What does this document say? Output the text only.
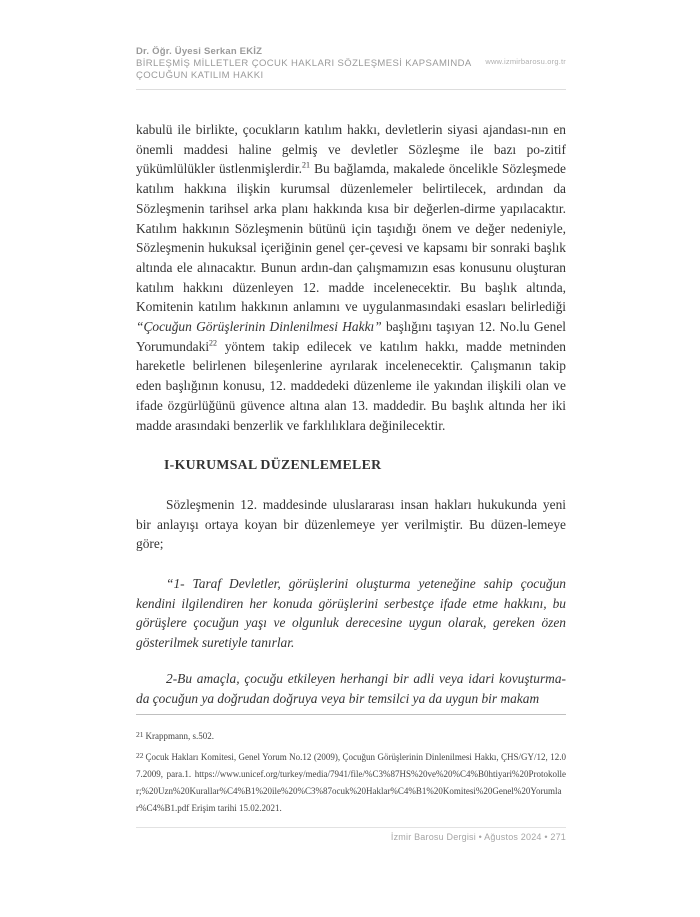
Dr. Öğr. Üyesi Serkan EKİZ
BİRLEŞMİŞ MİLLETLER ÇOCUK HAKLARI SÖZLEŞMESİ KAPSAMINDA
ÇOCUĞUN KATILIM HAKKI
www.izmirbarosu.org.tr

kabulü ile birlikte, çocukların katılım hakkı, devletlerin siyasi ajandası-nın en önemli maddesi haline gelmiş ve devletler Sözleşme ile bazı po-zitif yükümlülükler üstlenmişlerdir.$^{21}$ Bu bağlamda, makalede öncelikle Sözleşmede katılım hakkına ilişkin kurumsal düzenlemeler belirtilecek, ardından da Sözleşmenin tarihsel arka planı hakkında kısa bir değerlen-dirme yapılacaktır. Katılım hakkının Sözleşmenin bütünü için taşıdığı önem ve değer nedeniyle, Sözleşmenin hukuksal içeriğinin genel çer-çevesi ve kapsamı bir sonraki başlık altında ele alınacaktır. Bunun ardın-dan çalışmamızın esas konusunu oluşturan katılım hakkını düzenleyen 12. madde incelenecektir. Bu başlık altında, Komitenin katılım hakkının anlamını ve uygulanmasındaki esasları belirlediği “Çocuğun Görüşlerinin Dinlenilmesi Hakkı” başlığını taşıyan 12. No.lu Genel Yorumundaki$^{22}$ yöntem takip edilecek ve katılım hakkı, madde metninden hareketle belirlenen bileşenlerine ayrılarak incelenecektir. Çalışmanın takip eden başlığının konusu, 12. maddedeki düzenleme ile yakından ilişkili olan ve ifade özgürlüğünü güvence altına alan 13. maddedir. Bu başlık altında her iki madde arasındaki benzerlik ve farklılıklara değinilecektir.

I-KURUMSAL DÜZENLEMELER

Sözleşmenin 12. maddesinde uluslararası insan hakları hukukunda yeni bir anlayışı ortaya koyan bir düzenlemeye yer verilmiştir. Bu düzen-lemeye göre;

“1- Taraf Devletler, görüşlerini oluşturma yeteneğine sahip çocuğun kendini ilgilendiren her konuda görüşlerini serbestçe ifade etme hakkını, bu görüşlere çocuğun yaşı ve olgunluk derecesine uygun olarak, gereken özen gösterilmek suretiyle tanırlar.

2-Bu amaçla, çocuğu etkileyen herhangi bir adli veya idari kovuşturma-da çocuğun ya doğrudan doğruya veya bir temsilci ya da uygun bir makam

$^{21}$ Krappmann, s.502.

$^{22}$ Çocuk Hakları Komitesi, Genel Yorum No.12 (2009), Çocuğun Görüşlerinin Dinlenilmesi Hakkı, ÇHS/GY/12, 12.07.2009, para.1. https://www.unicef.org/turkey/media/7941/file/%C3%87HS%20ve%20%C4%B0htiyari%20Protokoller;%20Uzn%20Kurallar%C4%B1%20ile%20%C3%87ocuk%20Haklar%C4%B1%20Komitesi%20Genel%20Yorumlar%C4%B1.pdf Erişim tarihi 15.02.2021.

İzmir Barosu Dergisi • Ağustos 2024 • 271
